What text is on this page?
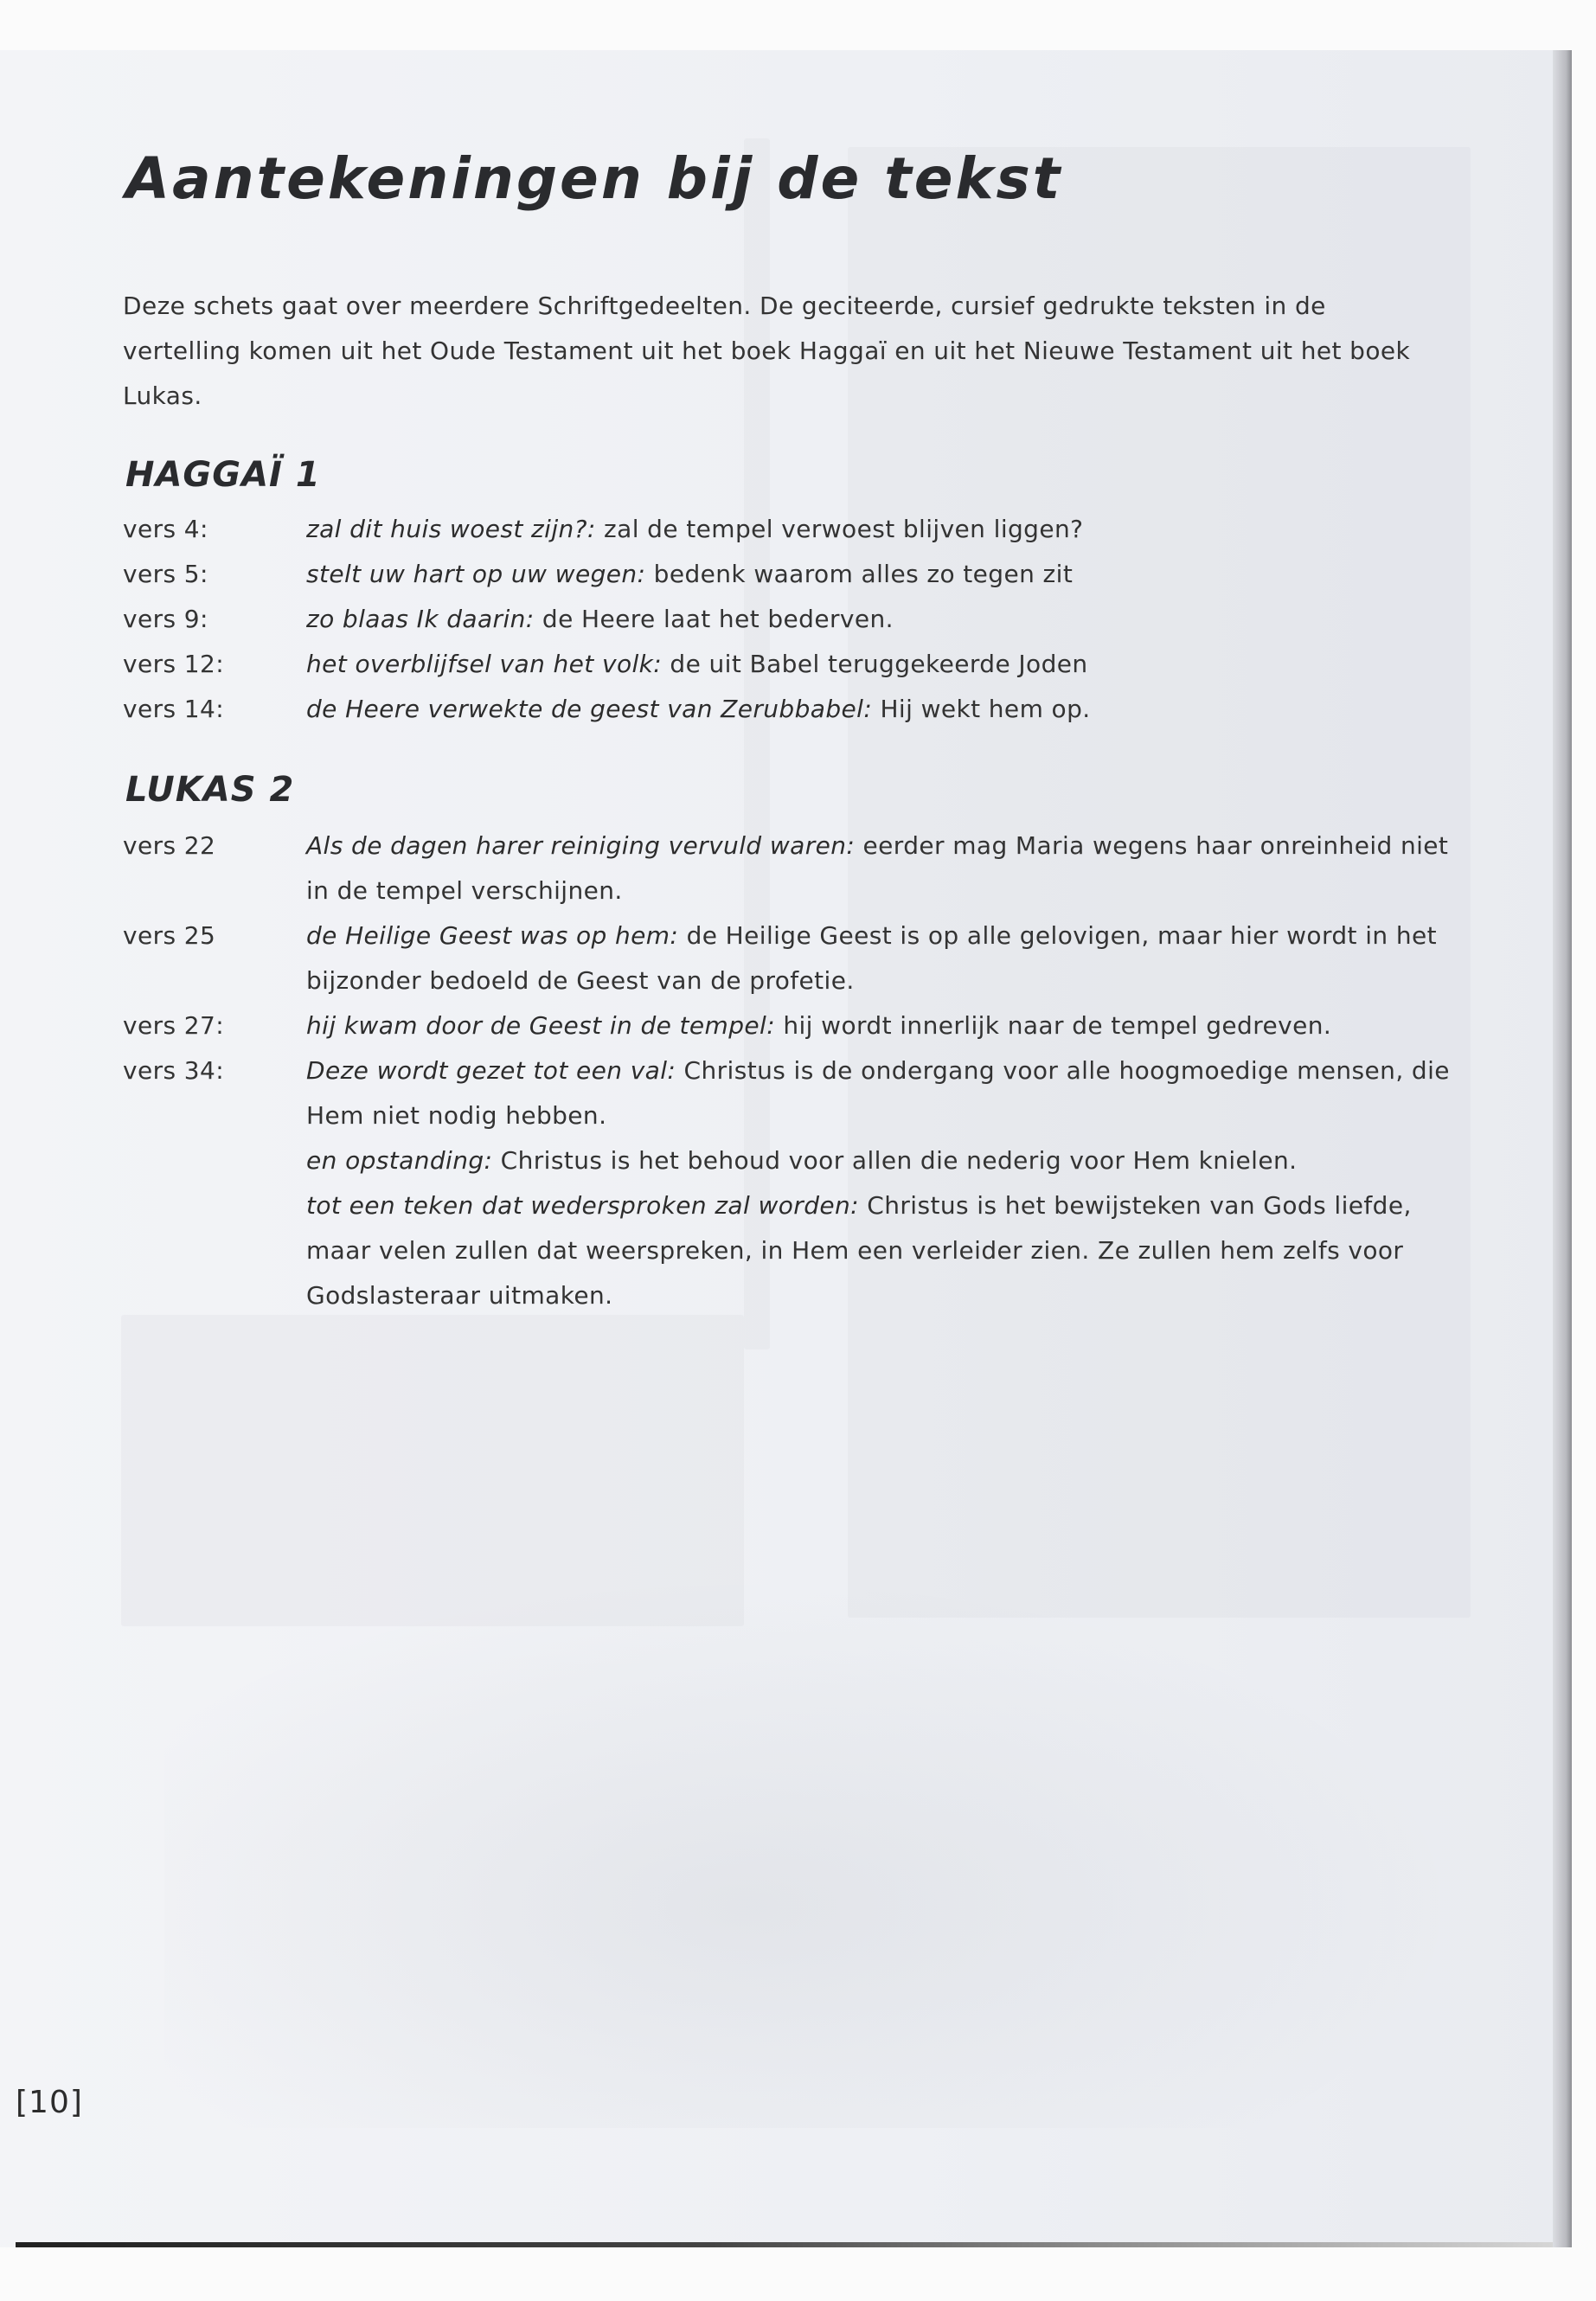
Aantekeningen bij de tekst

Deze schets gaat over meerdere Schriftgedeelten. De geciteerde, cursief gedrukte teksten in de vertelling komen uit het Oude Testament uit het boek Haggaï en uit het Nieuwe Testament uit het boek Lukas.

HAGGAÏ 1
vers 4:	zal dit huis woest zijn?: zal de tempel verwoest blijven liggen?
vers 5:	stelt uw hart op uw wegen: bedenk waarom alles zo tegen zit
vers 9:	zo blaas Ik daarin: de Heere laat het bederven.
vers 12:	het overblijfsel van het volk: de uit Babel teruggekeerde Joden
vers 14:	de Heere verwekte de geest van Zerubbabel: Hij wekt hem op.
LUKAS 2
vers 22	Als de dagen harer reiniging vervuld waren: eerder mag Maria wegens haar onreinheid niet in de tempel verschijnen.
vers 25	de Heilige Geest was op hem: de Heilige Geest is op alle gelovigen, maar hier wordt in het bijzonder bedoeld de Geest van de profetie.
vers 27:	hij kwam door de Geest in de tempel: hij wordt innerlijk naar de tempel gedreven.
vers 34:	Deze wordt gezet tot een val: Christus is de ondergang voor alle hoogmoedige mensen, die Hem niet nodig hebben.
en opstanding: Christus is het behoud voor allen die nederig voor Hem knielen.
tot een teken dat wedersproken zal worden: Christus is het bewijsteken van Gods liefde, maar velen zullen dat weerspreken, in Hem een verleider zien. Ze zullen hem zelfs voor Godslasteraar uitmaken.
[10]
